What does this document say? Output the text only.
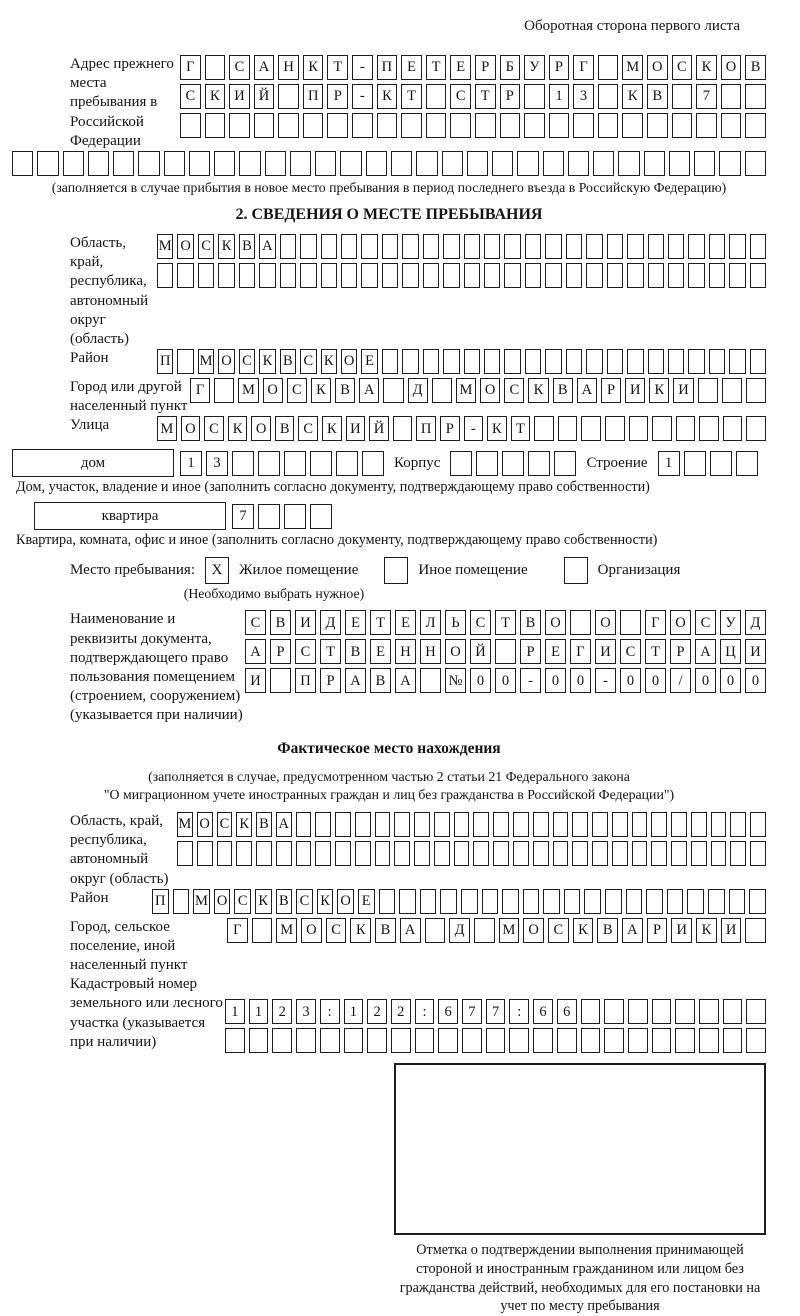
Оборотная сторона первого листа
Адрес прежнего места пребывания в Российской Федерации
Г	С	А Н	К	Т	-	П	Е	Т	Е	Р	Б	У	Р	Г	М О	С	К	О	В
С	К	И Й	П	Р	-	К	Т	С	Т	Р	1	3	К	В	7
(заполняется в случае прибытия в новое место пребывания в период последнего въезда в Российскую Федерацию)
2. СВЕДЕНИЯ О МЕСТЕ ПРЕБЫВАНИЯ
Область, край, республика, автономный округ (область)
М О С К В А
Район	П М О С К В С К О Е
Город или другой населенный пункт
Г	М О С	К	В А	Д	М О С	К	В А	Р	И К И
Улица	М О С К О В С К И Й	П Р	-	К Т
дом	1	3	Корпус	Строение	1
Дом, участок, владение и иное (заполнить согласно документу, подтверждающему право собственности)
квартира	7
Квартира, комната, офис и иное (заполнить согласно документу, подтверждающему право собственности)
Место пребывания:	X	Жилое помещение	Иное помещение	Организация
(Необходимо выбрать нужное)
Наименование и реквизиты документа, подтверждающего право пользования помещением (строением, сооружением) (указывается при наличии)
С	В	И	Д	Е	Т	Е	Л	Ь	С	Т	В	О	О	Г	О	С	У	Д
А	Р	С	Т	В	Е	Н	Н	О	Й	Р	Е	Г	И	С	Т	Р	А	Ц	И
И	П	Р	А	В	А	№ 0	0	-	0	0	-	0	0	/	0	0	0
Фактическое место нахождения
(заполняется в случае, предусмотренном частью 2 статьи 21 Федерального закона
"О миграционном учете иностранных граждан и лиц без гражданства в Российской Федерации")
Область, край, республика, автономный округ (область)
М О С К В А
Район	П М О С К В С К О Е
Город, сельское поселение, иной населенный пункт
Г	М О	С	К	В	А	Д	М О	С	К	В	А	Р	И	К	И
Кадастровый номер земельного или лесного участка (указывается при наличии)
1	1	2	3	:	1	2	2	:	6	7	7	:	6	6
Отметка о подтверждении выполнения принимающей стороной и иностранным гражданином или лицом без гражданства действий, необходимых для его постановки на учет по месту пребывания
